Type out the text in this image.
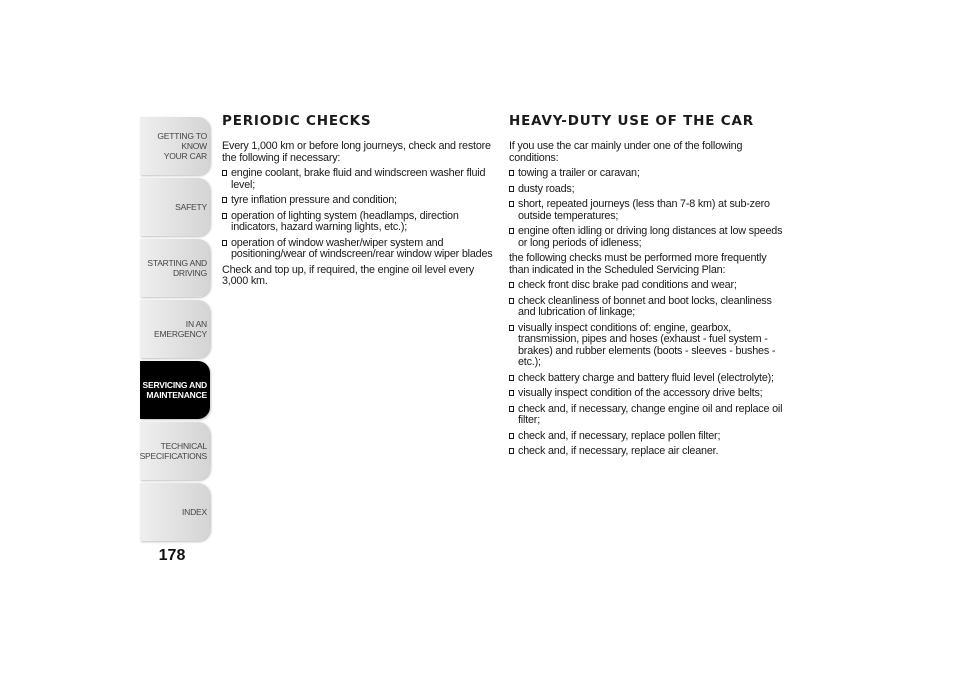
GETTING TO KNOW
YOUR CAR
SAFETY
STARTING AND
DRIVING
IN AN EMERGENCY
SERVICING AND
MAINTENANCE
TECHNICAL
SPECIFICATIONS
INDEX
178
PERIODIC CHECKS
Every 1,000 km or before long journeys, check and restore the following if necessary:
engine coolant, brake fluid and windscreen washer fluid level;
tyre inflation pressure and condition;
operation of lighting system (headlamps, direction indicators, hazard warning lights, etc.);
operation of window washer/wiper system and positioning/wear of windscreen/rear window wiper blades
Check and top up, if required, the engine oil level every 3,000 km.
HEAVY-DUTY USE OF THE CAR
If you use the car mainly under one of the following conditions:
towing a trailer or caravan;
dusty roads;
short, repeated journeys (less than 7-8 km) at sub-zero outside temperatures;
engine often idling or driving long distances at low speeds or long periods of idleness;
the following checks must be performed more frequently than indicated in the Scheduled Servicing Plan:
check front disc brake pad conditions and wear;
check cleanliness of bonnet and boot locks, cleanliness and lubrication of linkage;
visually inspect conditions of: engine, gearbox, transmission, pipes and hoses (exhaust - fuel system - brakes) and rubber elements (boots - sleeves - bushes - etc.);
check battery charge and battery fluid level (electrolyte);
visually inspect condition of the accessory drive belts;
check and, if necessary, change engine oil and replace oil filter;
check and, if necessary, replace pollen filter;
check and, if necessary, replace air cleaner.
